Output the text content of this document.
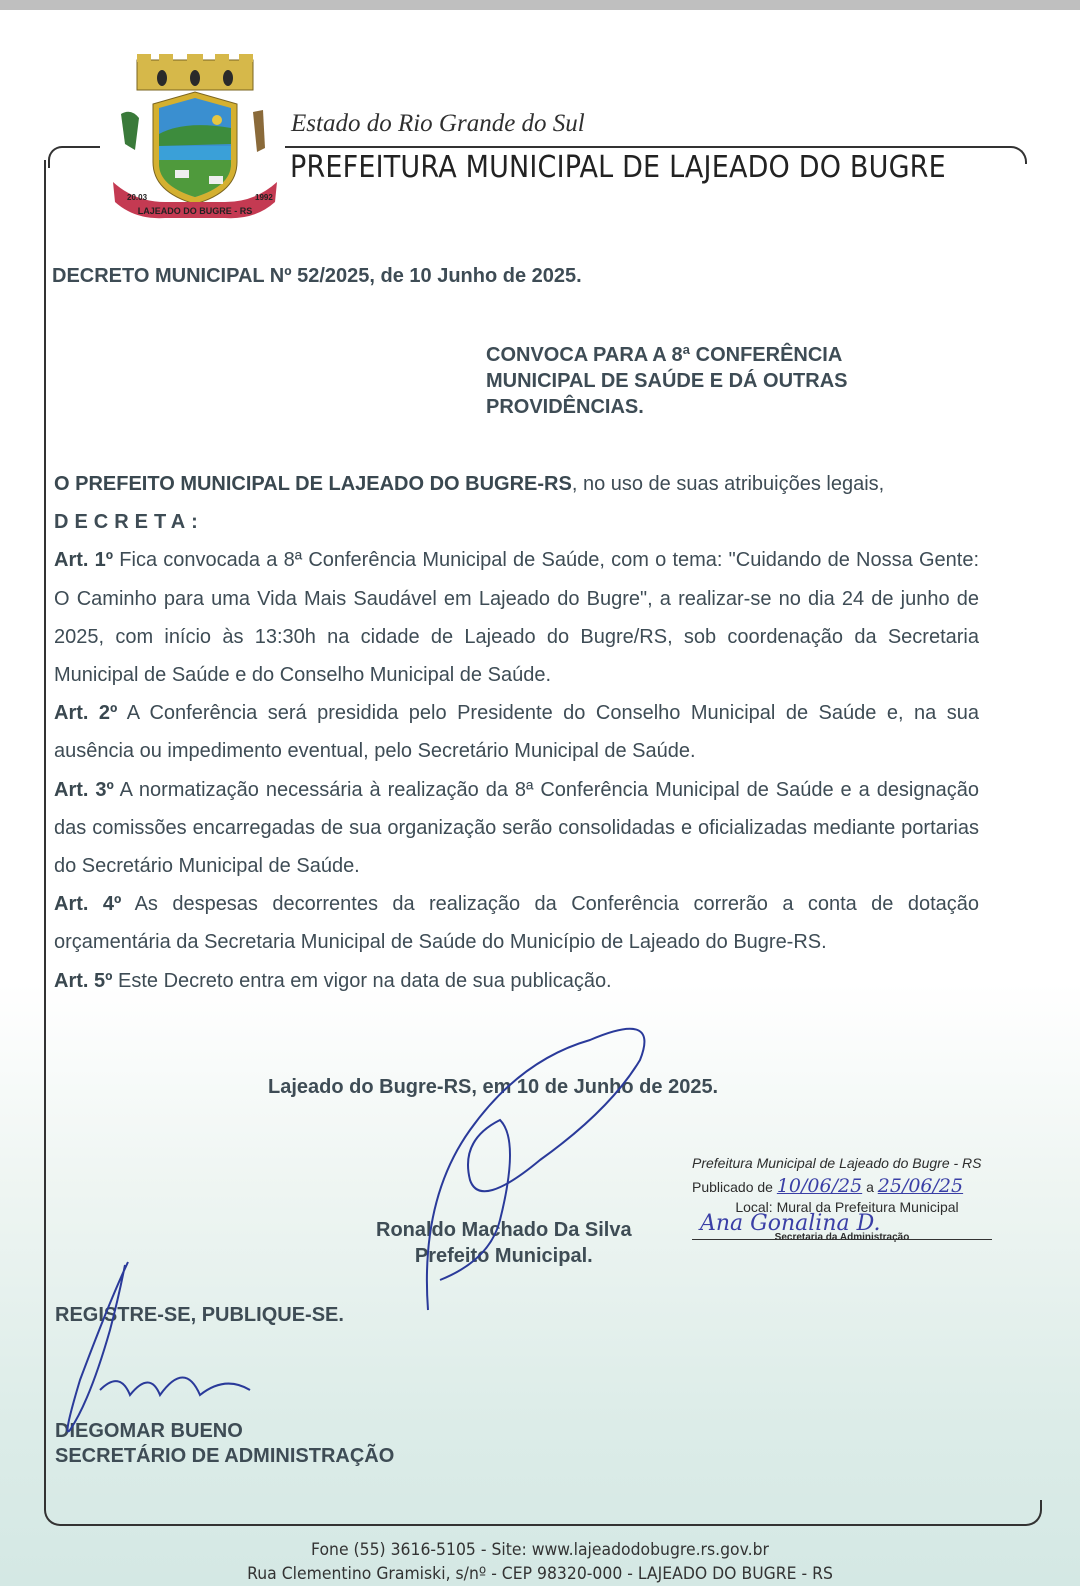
LAJEADO DO BUGRE - RS
20.03	1992
Estado do Rio Grande do Sul
PREFEITURA MUNICIPAL DE LAJEADO DO BUGRE
DECRETO MUNICIPAL Nº 52/2025, de 10 Junho de 2025.
CONVOCA PARA A 8ª CONFERÊNCIA
MUNICIPAL DE SAÚDE E DÁ OUTRAS
PROVIDÊNCIAS.

O PREFEITO MUNICIPAL DE LAJEADO DO BUGRE-RS, no uso de suas atribuições legais,

DECRETA:

Art. 1º Fica convocada a 8ª Conferência Municipal de Saúde, com o tema: "Cuidando de Nossa Gente: O Caminho para uma Vida Mais Saudável em Lajeado do Bugre", a realizar-se no dia 24 de junho de 2025, com início às 13:30h na cidade de Lajeado do Bugre/RS, sob coordenação da Secretaria Municipal de Saúde e do Conselho Municipal de Saúde.

Art. 2º A Conferência será presidida pelo Presidente do Conselho Municipal de Saúde e, na sua ausência ou impedimento eventual, pelo Secretário Municipal de Saúde.

Art. 3º A normatização necessária à realização da 8ª Conferência Municipal de Saúde e a designação das comissões encarregadas de sua organização serão consolidadas e oficializadas mediante portarias do Secretário Municipal de Saúde.

Art. 4º As despesas decorrentes da realização da Conferência correrão a conta de dotação orçamentária da Secretaria Municipal de Saúde do Município de Lajeado do Bugre-RS.

Art. 5º Este Decreto entra em vigor na data de sua publicação.

Lajeado do Bugre-RS, em 10 de Junho de 2025.
Ronaldo Machado Da Silva
Prefeito Municipal.
Prefeitura Municipal de Lajeado do Bugre - RS
Publicado de 10/06/25 a 25/06/25
Local: Mural da Prefeitura Municipal
Ana Gonalina D.
Secretaria da Administração
REGISTRE-SE, PUBLIQUE-SE.
DIEGOMAR BUENO
SECRETÁRIO DE ADMINISTRAÇÃO
Fone (55) 3616-5105 - Site: www.lajeadodobugre.rs.gov.br
Rua Clementino Gramiski, s/nº - CEP 98320-000 - LAJEADO DO BUGRE - RS
